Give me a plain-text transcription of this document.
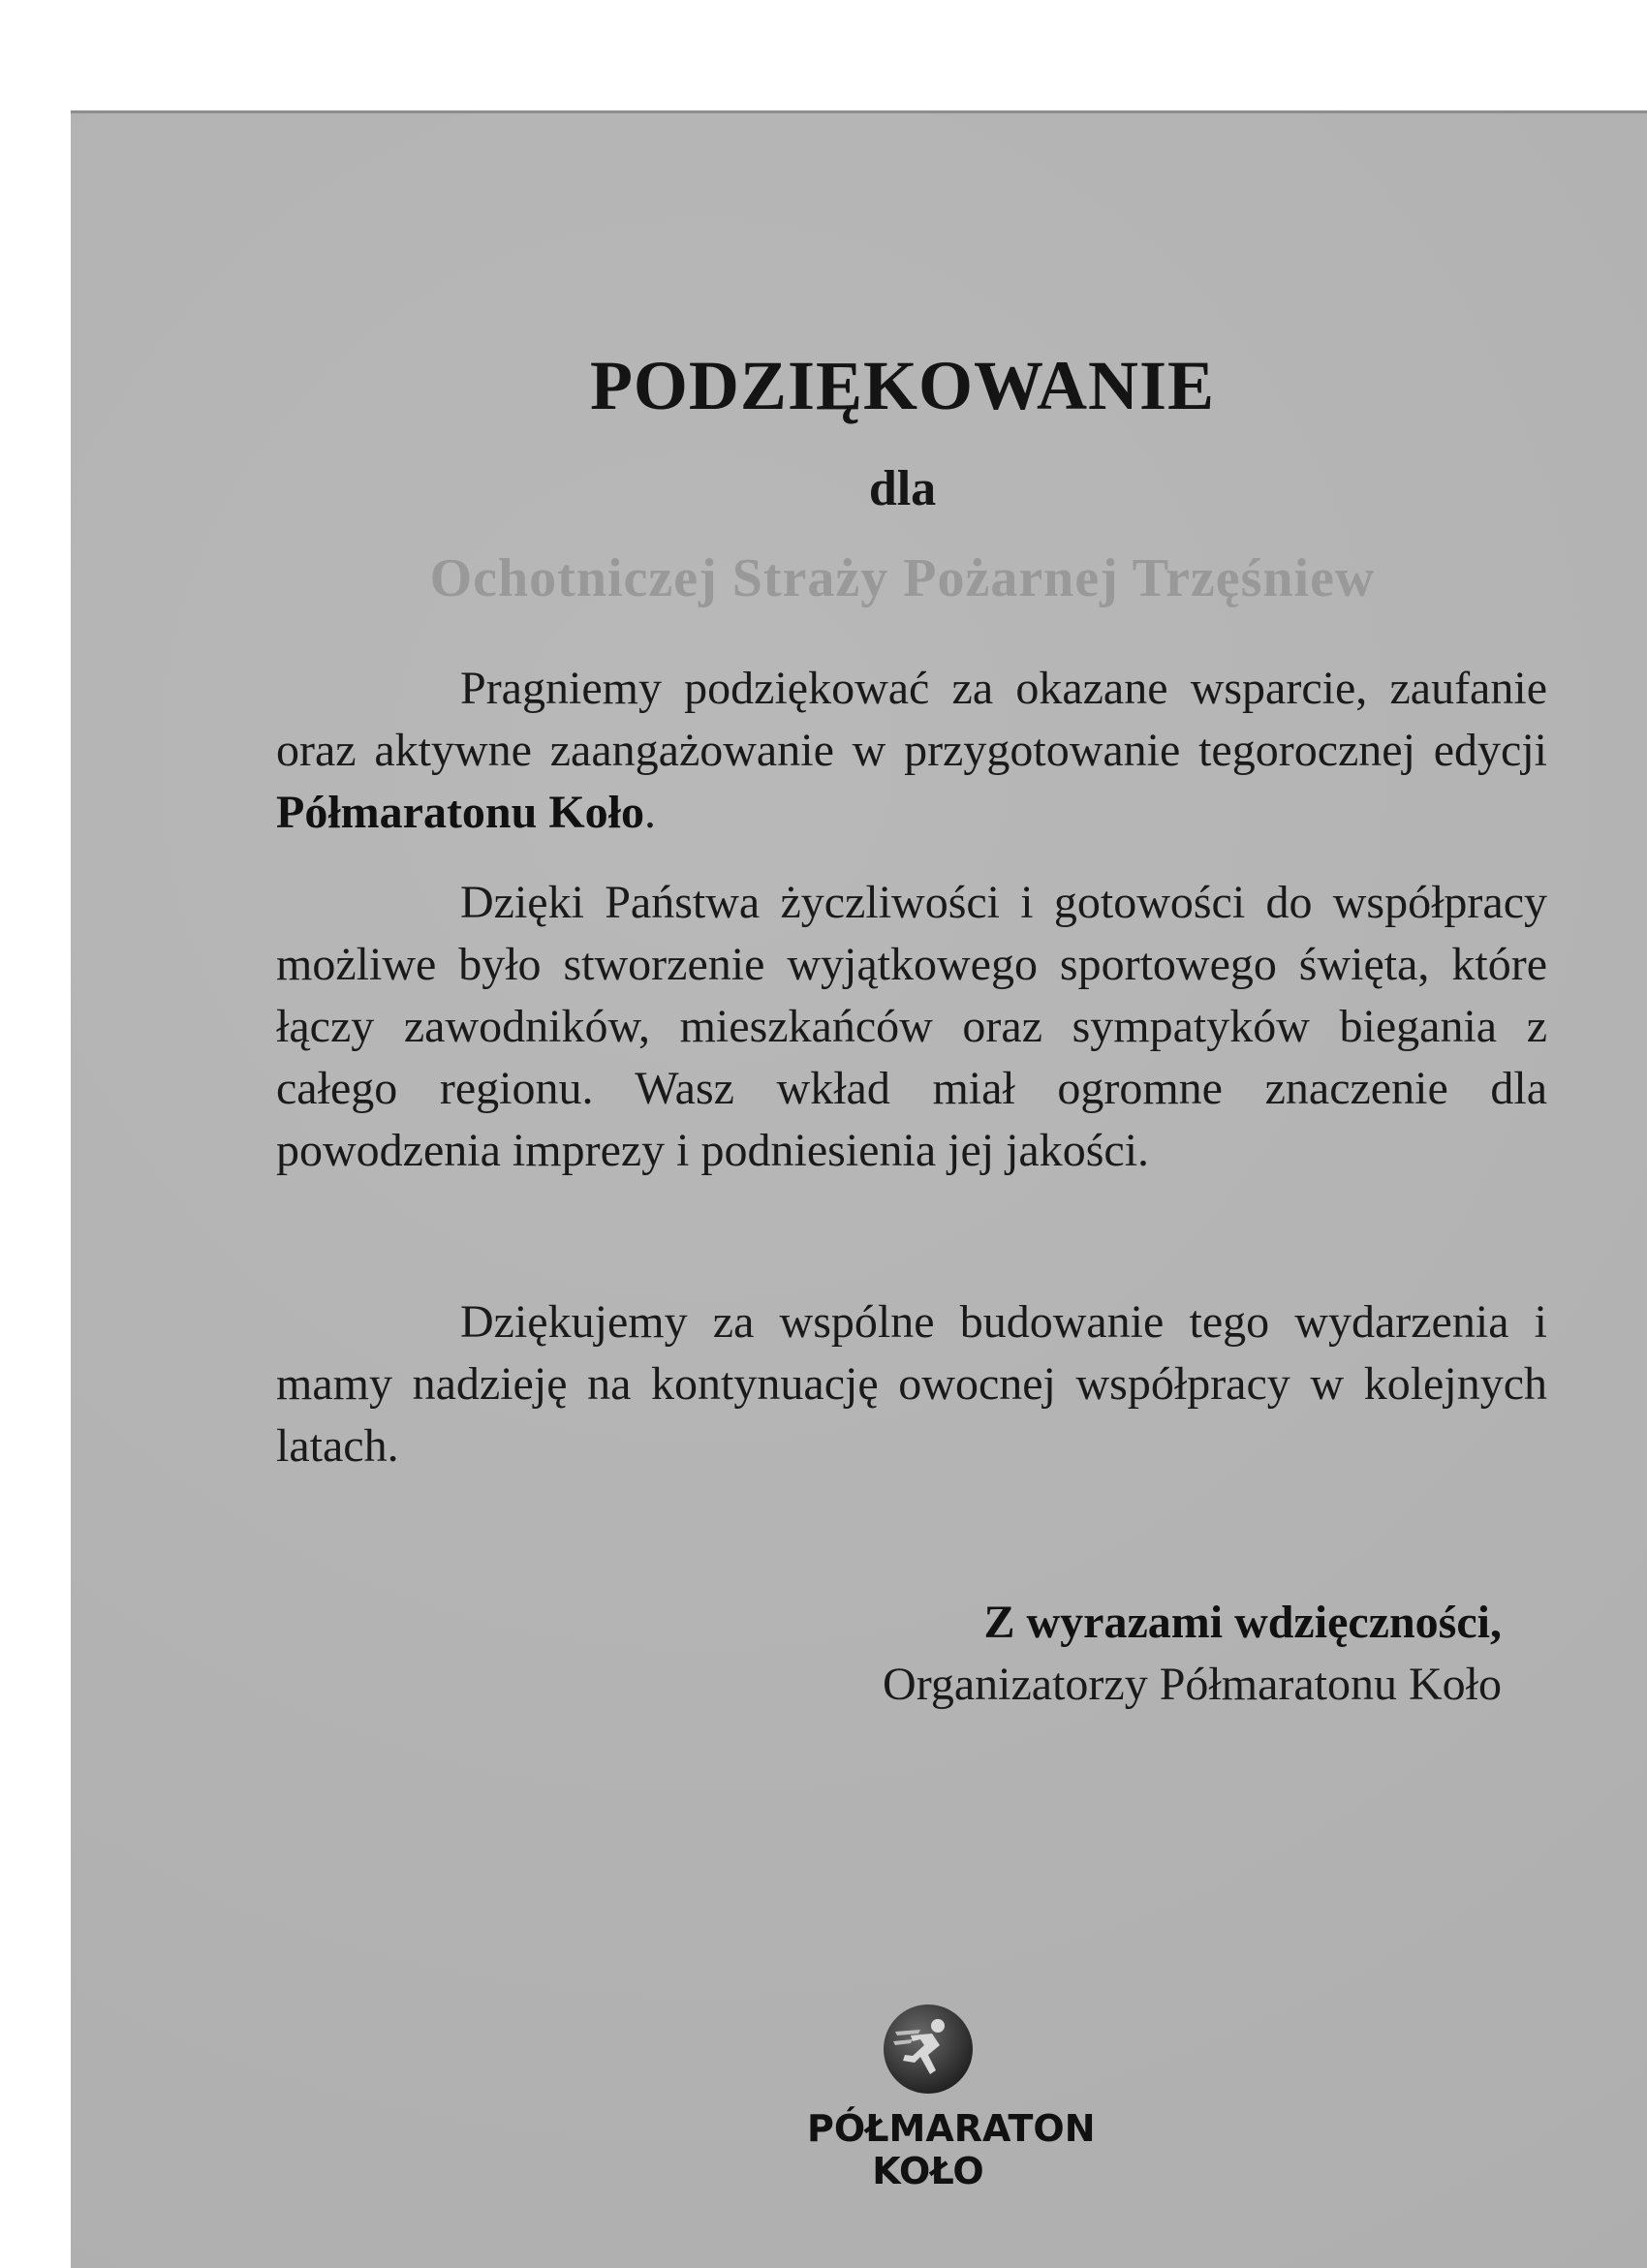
PODZIĘKOWANIE
dla
Ochotniczej Straży Pożarnej Trzęśniew

Pragniemy podziękować za okazane wsparcie, zaufanie oraz aktywne zaangażowanie w przygotowanie tegorocznej edycji Półmaratonu Koło.

Dzięki Państwa życzliwości i gotowości do współpracy możliwe było stworzenie wyjątkowego sportowego święta, które łączy zawodników, mieszkańców oraz sympatyków biegania z całego regionu. Wasz wkład miał ogromne znaczenie dla powodzenia imprezy i podniesienia jej jakości.

Dziękujemy za wspólne budowanie tego wydarzenia i mamy nadzieję na kontynuację owocnej współpracy w kolejnych latach.

Z wyrazami wdzięczności,
Organizatorzy Półmaratonu Koło
PÓŁMARATON
KOŁO
